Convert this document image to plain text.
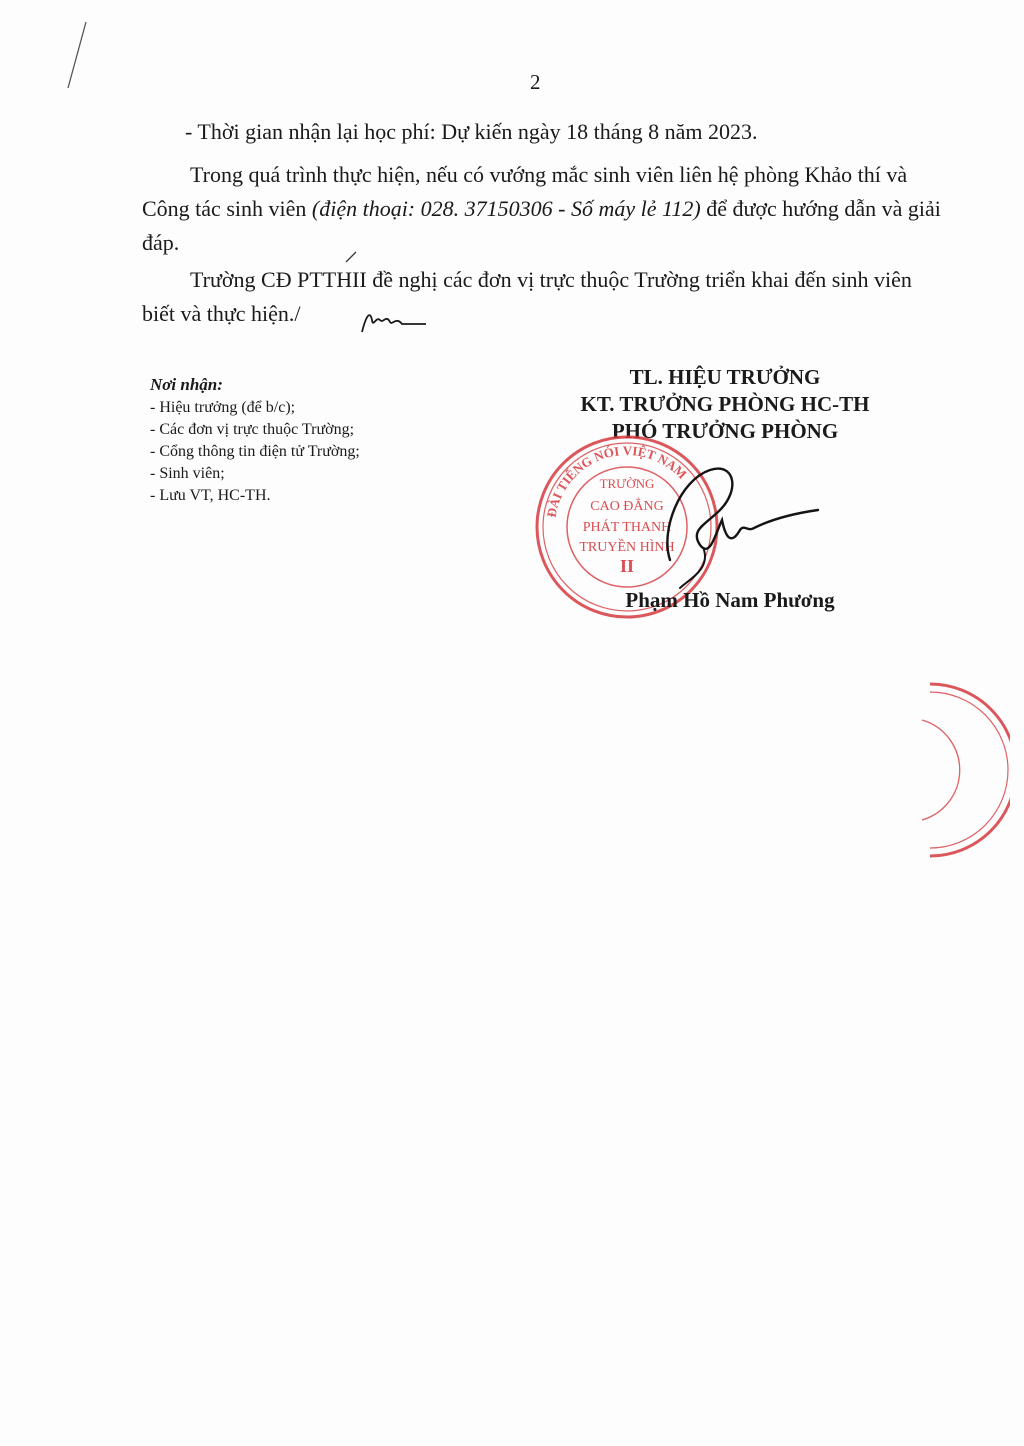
2
- Thời gian nhận lại học phí: Dự kiến ngày 18 tháng 8 năm 2023.
Trong quá trình thực hiện, nếu có vướng mắc sinh viên liên hệ phòng Khảo thí và Công tác sinh viên (điện thoại: 028. 37150306 - Số máy lẻ 112) để được hướng dẫn và giải đáp.
Trường CĐ PTTHII đề nghị các đơn vị trực thuộc Trường triển khai đến sinh viên biết và thực hiện./
Nơi nhận:
- Hiệu trưởng (để b/c);
- Các đơn vị trực thuộc Trường;
- Cổng thông tin điện tử Trường;
- Sinh viên;
- Lưu VT, HC-TH.
TL. HIỆU TRƯỞNG
KT. TRƯỞNG PHÒNG HC-TH
PHÓ TRƯỞNG PHÒNG
ĐÀI TIẾNG NÓI VIỆT NAM
TRƯỜNG
CAO ĐẲNG
PHÁT THANH
TRUYỀN HÌNH
II
Phạm Hồ Nam Phương
